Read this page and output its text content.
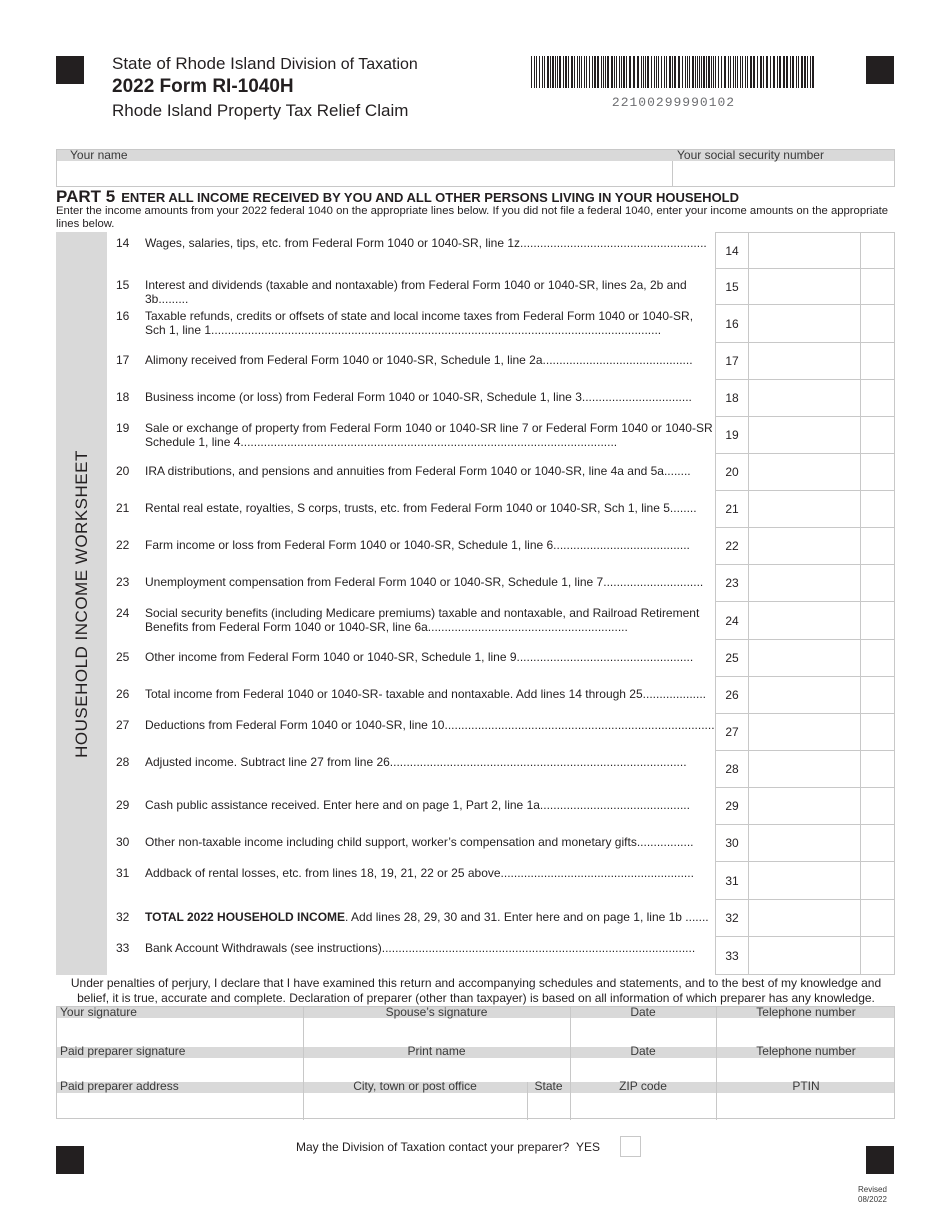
State of Rhode Island Division of Taxation
2022 Form RI-1040H
Rhode Island Property Tax Relief Claim	22100299990102
Your name	Your social security number
PART 5 ENTER ALL INCOME RECEIVED BY YOU AND ALL OTHER PERSONS LIVING IN YOUR HOUSEHOLD
Enter the income amounts from your 2022 federal 1040 on the appropriate lines below. If you did not file a federal 1040, enter your income amounts on the appropriate lines below.
HOUSEHOLD INCOME WORKSHEET
14 Wages, salaries, tips, etc. from Federal Form 1040 or 1040-SR, line 1z........................................................
14
15 Interest and dividends (taxable and nontaxable) from Federal Form 1040 or 1040-SR, lines 2a, 2b and 3b.........
15
16 Taxable refunds, credits or offsets of state and local income taxes from Federal Form 1040 or 1040-SR, Sch 1, line 1.......................................................................................................................................	16
17 Alimony received from Federal Form 1040 or 1040-SR, Schedule 1, line 2a.............................................	17
18 Business income (or loss) from Federal Form 1040 or 1040-SR, Schedule 1, line 3.................................	18
19 Sale or exchange of property from Federal Form 1040 or 1040-SR line 7 or Federal Form 1040 or 1040-SR Schedule 1, line 4.................................................................................................................	19
20 IRA distributions, and pensions and annuities from Federal Form 1040 or 1040-SR, line 4a and 5a........	20
21 Rental real estate, royalties, S corps, trusts, etc. from Federal Form 1040 or 1040-SR, Sch 1, line 5........	21
22 Farm income or loss from Federal Form 1040 or 1040-SR, Schedule 1, line 6.........................................	22
23 Unemployment compensation from Federal Form 1040 or 1040-SR, Schedule 1, line 7..............................	23
24 Social security benefits (including Medicare premiums) taxable and nontaxable, and Railroad Retirement Benefits from Federal Form 1040 or 1040-SR, line 6a............................................................	24
25 Other income from Federal Form 1040 or 1040-SR, Schedule 1, line 9.....................................................	25
26 Total income from Federal 1040 or 1040-SR- taxable and nontaxable. Add lines 14 through 25...................	26
27 Deductions from Federal Form 1040 or 1040-SR, line 10................................................................................. 27
28 Adjusted income. Subtract line 27 from line 26.........................................................................................	28
29 Cash public assistance received. Enter here and on page 1, Part 2, line 1a.............................................	29
30 Other non-taxable income including child support, worker’s compensation and monetary gifts.................	30
31 Addback of rental losses, etc. from lines 18, 19, 21, 22 or 25 above..........................................................
31
32 TOTAL 2022 HOUSEHOLD INCOME. Add lines 28, 29, 30 and 31. Enter here and on page 1, line 1b .......	32
33 Bank Account Withdrawals (see instructions)..............................................................................................
33
Under penalties of perjury, I declare that I have examined this return and accompanying schedules and statements, and to the best of my knowledge and belief, it is true, accurate and complete. Declaration of preparer (other than taxpayer) is based on all information of which preparer has any knowledge.
Your signature	Spouse’s signature	Date	Telephone number
Paid preparer signature	Print name	Date	Telephone number
Paid preparer address	City, town or post office	State	ZIP code	PTIN
May the Division of Taxation contact your preparer? YES
Revised
08/2022
